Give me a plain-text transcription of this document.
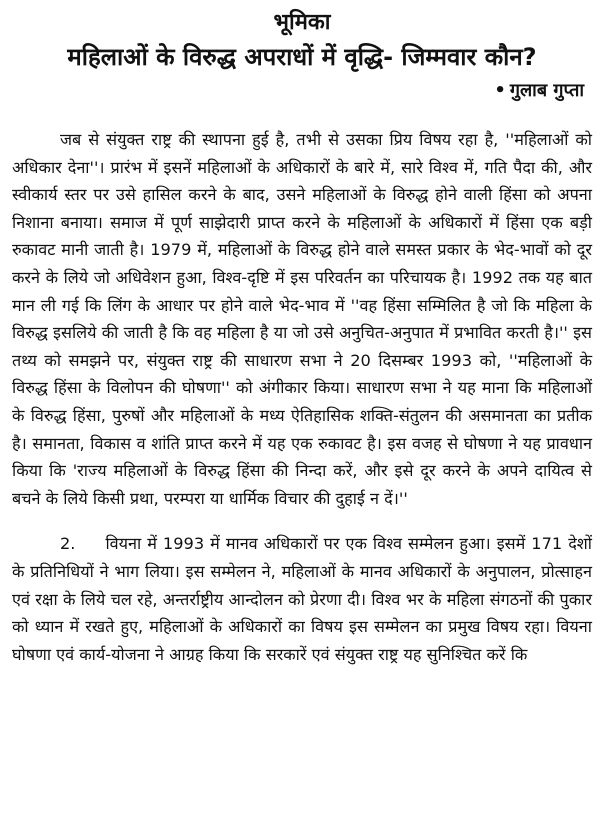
भूमिका
महिलाओं के विरुद्ध अपराधों में वृद्धि- जिम्मवार कौन?
• गुलाब गुप्ता

जब से संयुक्त राष्ट्र की स्थापना हुई है, तभी से उसका प्रिय विषय रहा है, ''महिलाओं को अधिकार देना''। प्रारंभ में इसनें महिलाओं के अधिकारों के बारे में, सारे विश्व में, गति पैदा की, और स्वीकार्य स्तर पर उसे हासिल करने के बाद, उसने महिलाओं के विरुद्ध होने वाली हिंसा को अपना निशाना बनाया। समाज में पूर्ण साझेदारी प्राप्त करने के महिलाओं के अधिकारों में हिंसा एक बड़ी रुकावट मानी जाती है। 1979 में, महिलाओं के विरुद्ध होने वाले समस्त प्रकार के भेद-भावों को दूर करने के लिये जो अधिवेशन हुआ, विश्व-दृष्टि में इस परिवर्तन का परिचायक है। 1992 तक यह बात मान ली गई कि लिंग के आधार पर होने वाले भेद-भाव में ''वह हिंसा सम्मिलित है जो कि महिला के विरुद्ध इसलिये की जाती है कि वह महिला है या जो उसे अनुचित-अनुपात में प्रभावित करती है।'' इस तथ्य को समझने पर, संयुक्त राष्ट्र की साधारण सभा ने 20 दिसम्बर 1993 को, ''महिलाओं के विरुद्ध हिंसा के विलोपन की घोषणा'' को अंगीकार किया। साधारण सभा ने यह माना कि महिलाओं के विरुद्ध हिंसा, पुरुषों और महिलाओं के मध्य ऐतिहासिक शक्ति-संतुलन की असमानता का प्रतीक है। समानता, विकास व शांति प्राप्त करने में यह एक रुकावट है। इस वजह से घोषणा ने यह प्रावधान किया कि 'राज्य महिलाओं के विरुद्ध हिंसा की निन्दा करें, और इसे दूर करने के अपने दायित्व से बचने के लिये किसी प्रथा, परम्परा या धार्मिक विचार की दुहाई न दें।''

2. वियना में 1993 में मानव अधिकारों पर एक विश्व सम्मेलन हुआ। इसमें 171 देशों के प्रतिनिधियों ने भाग लिया। इस सम्मेलन ने, महिलाओं के मानव अधिकारों के अनुपालन, प्रोत्साहन एवं रक्षा के लिये चल रहे, अन्तर्राष्ट्रीय आन्दोलन को प्रेरणा दी। विश्व भर के महिला संगठनों की पुकार को ध्यान में रखते हुए, महिलाओं के अधिकारों का विषय इस सम्मेलन का प्रमुख विषय रहा। वियना घोषणा एवं कार्य-योजना ने आग्रह किया कि सरकारें एवं संयुक्त राष्ट्र यह सुनिश्चित करें कि
